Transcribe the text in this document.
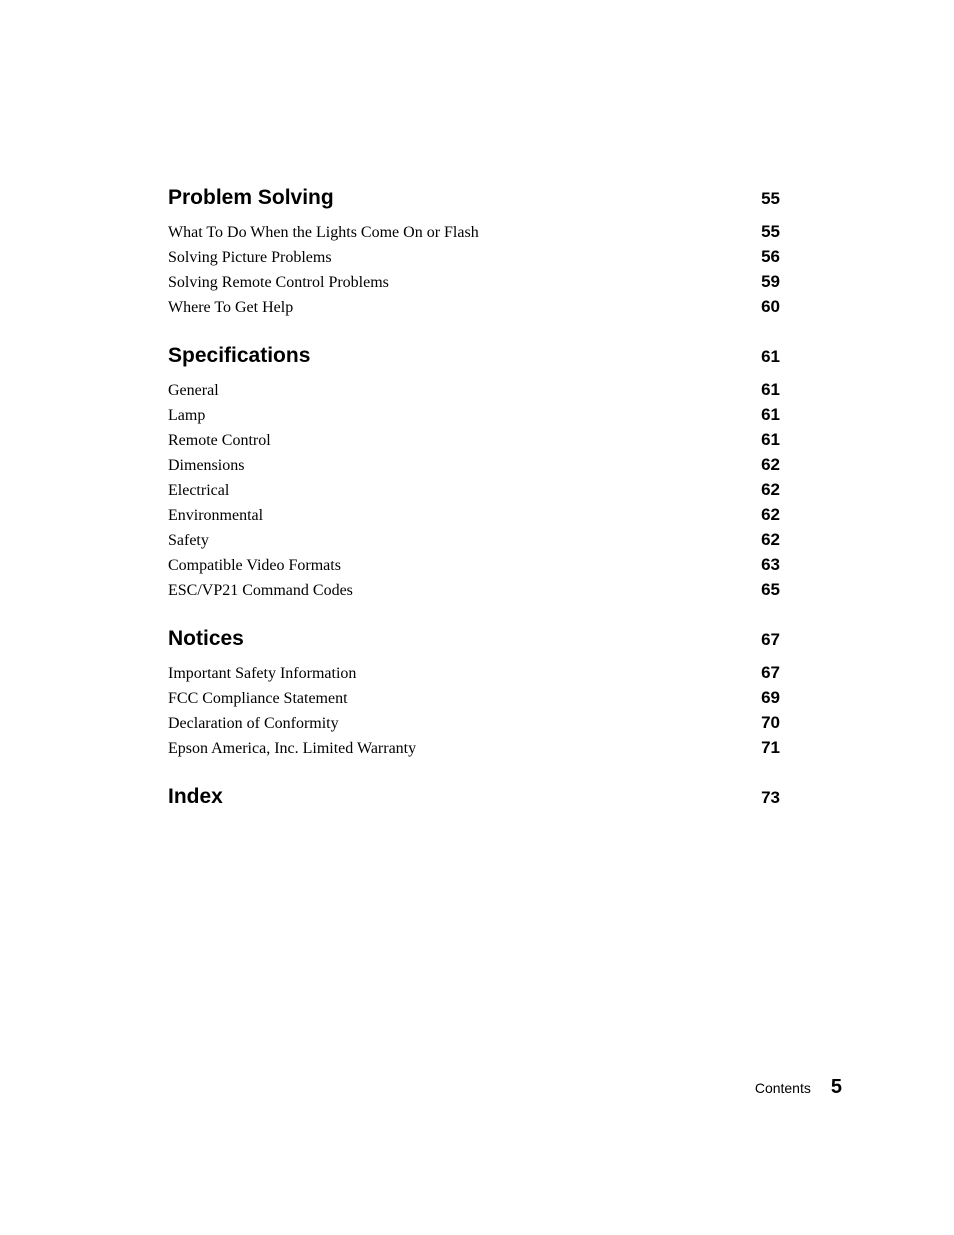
Problem Solving	55
What To Do When the Lights Come On or Flash	55
Solving Picture Problems	56
Solving Remote Control Problems	59
Where To Get Help	60
Specifications	61
General	61
Lamp	61
Remote Control	61
Dimensions	62
Electrical	62
Environmental	62
Safety	62
Compatible Video Formats	63
ESC/VP21 Command Codes	65
Notices	67
Important Safety Information	67
FCC Compliance Statement	69
Declaration of Conformity	70
Epson America, Inc. Limited Warranty	71
Index	73
Contents 5
